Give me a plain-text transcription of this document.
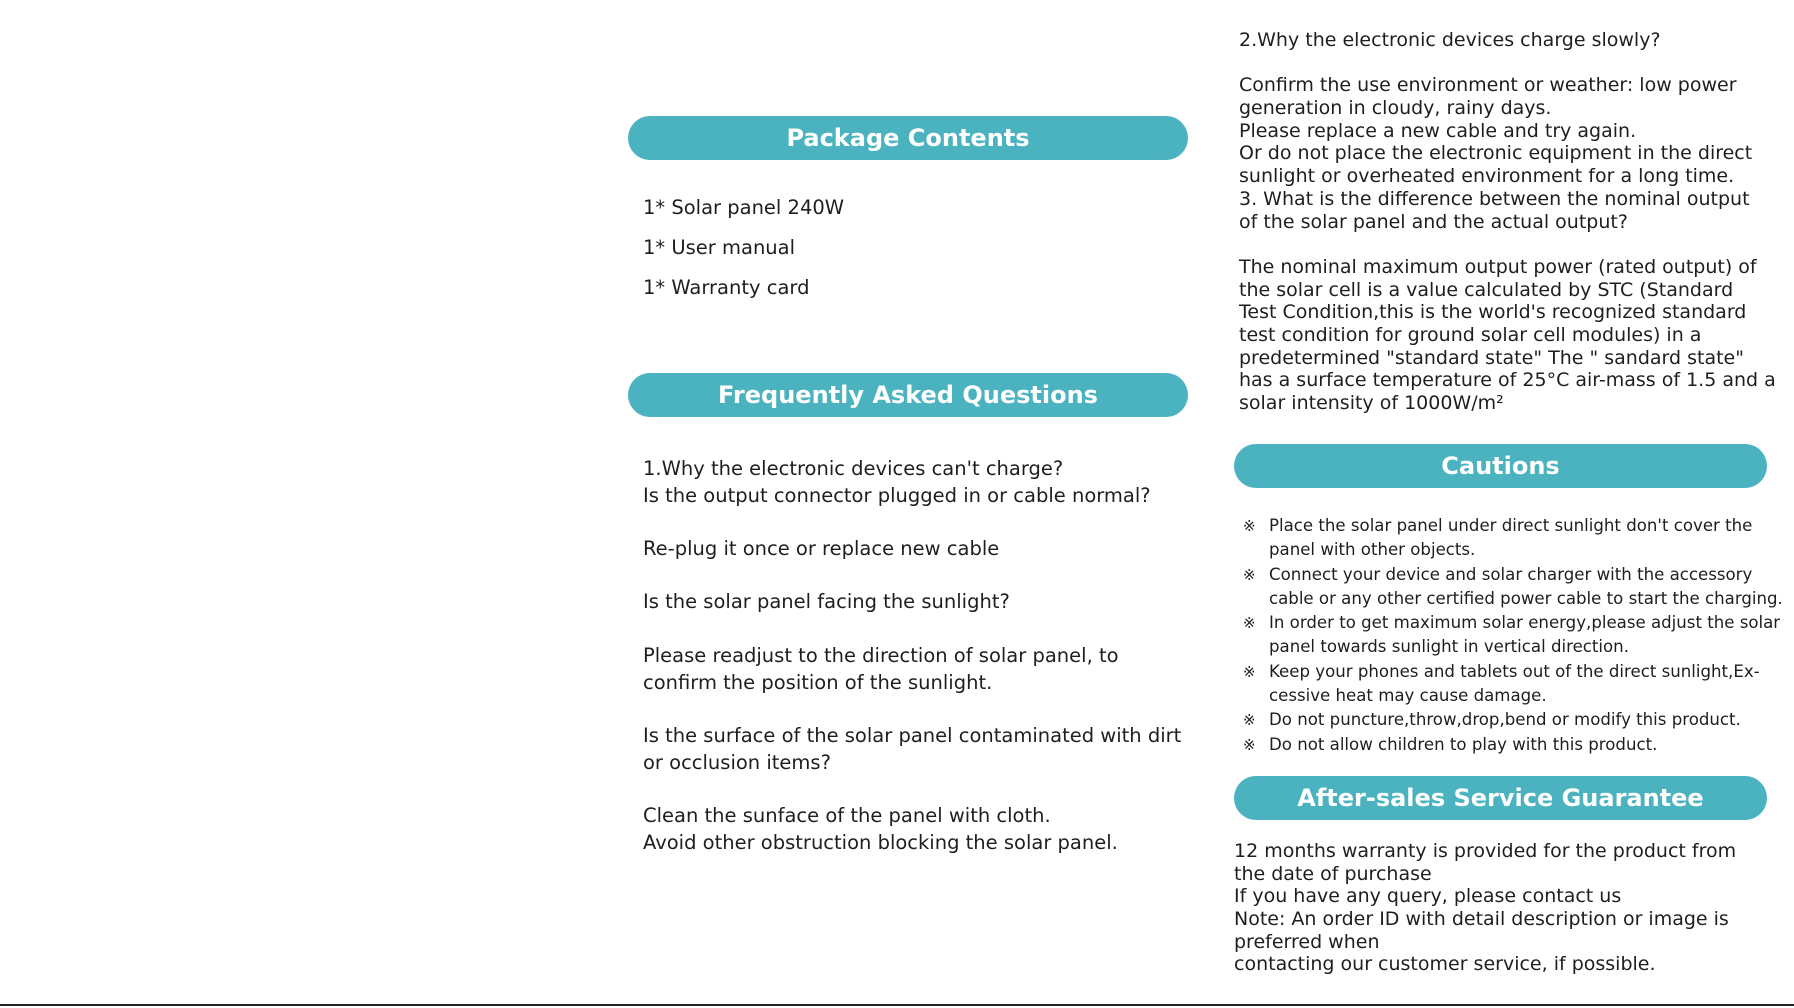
Package Contents
1* Solar panel 240W
1* User manual
1* Warranty card
Frequently Asked Questions
1.Why the electronic devices can't charge?
Is the output connector plugged in or cable normal?
Re-plug it once or replace new cable
Is the solar panel facing the sunlight?
Please readjust to the direction of solar panel, to
confirm the position of the sunlight.
Is the surface of the solar panel contaminated with dirt
or occlusion items?
Clean the sunface of the panel with cloth.
Avoid other obstruction blocking the solar panel.
2.Why the electronic devices charge slowly?
Confirm the use environment or weather: low power
generation in cloudy, rainy days.
Please replace a new cable and try again.
Or do not place the electronic equipment in the direct
sunlight or overheated environment for a long time.
3. What is the difference between the nominal output
of the solar panel and the actual output?
The nominal maximum output power (rated output) of
the solar cell is a value calculated by STC (Standard
Test Condition,this is the world's recognized standard
test condition for ground solar cell modules) in a
predetermined "standard state" The " sandard state"
has a surface temperature of 25°C air-mass of 1.5 and a
solar intensity of 1000W/m²
Cautions
※ Place the solar panel under direct sunlight don't cover the
panel with other objects.
※ Connect your device and solar charger with the accessory
cable or any other certified power cable to start the charging.
※ In order to get maximum solar energy,please adjust the solar
panel towards sunlight in vertical direction.
※ Keep your phones and tablets out of the direct sunlight,Ex-
cessive heat may cause damage.
※ Do not puncture,throw,drop,bend or modify this product.
※ Do not allow children to play with this product.
After-sales Service Guarantee
12 months warranty is provided for the product from
the date of purchase
If you have any query, please contact us
Note: An order ID with detail description or image is
preferred when
contacting our customer service, if possible.
